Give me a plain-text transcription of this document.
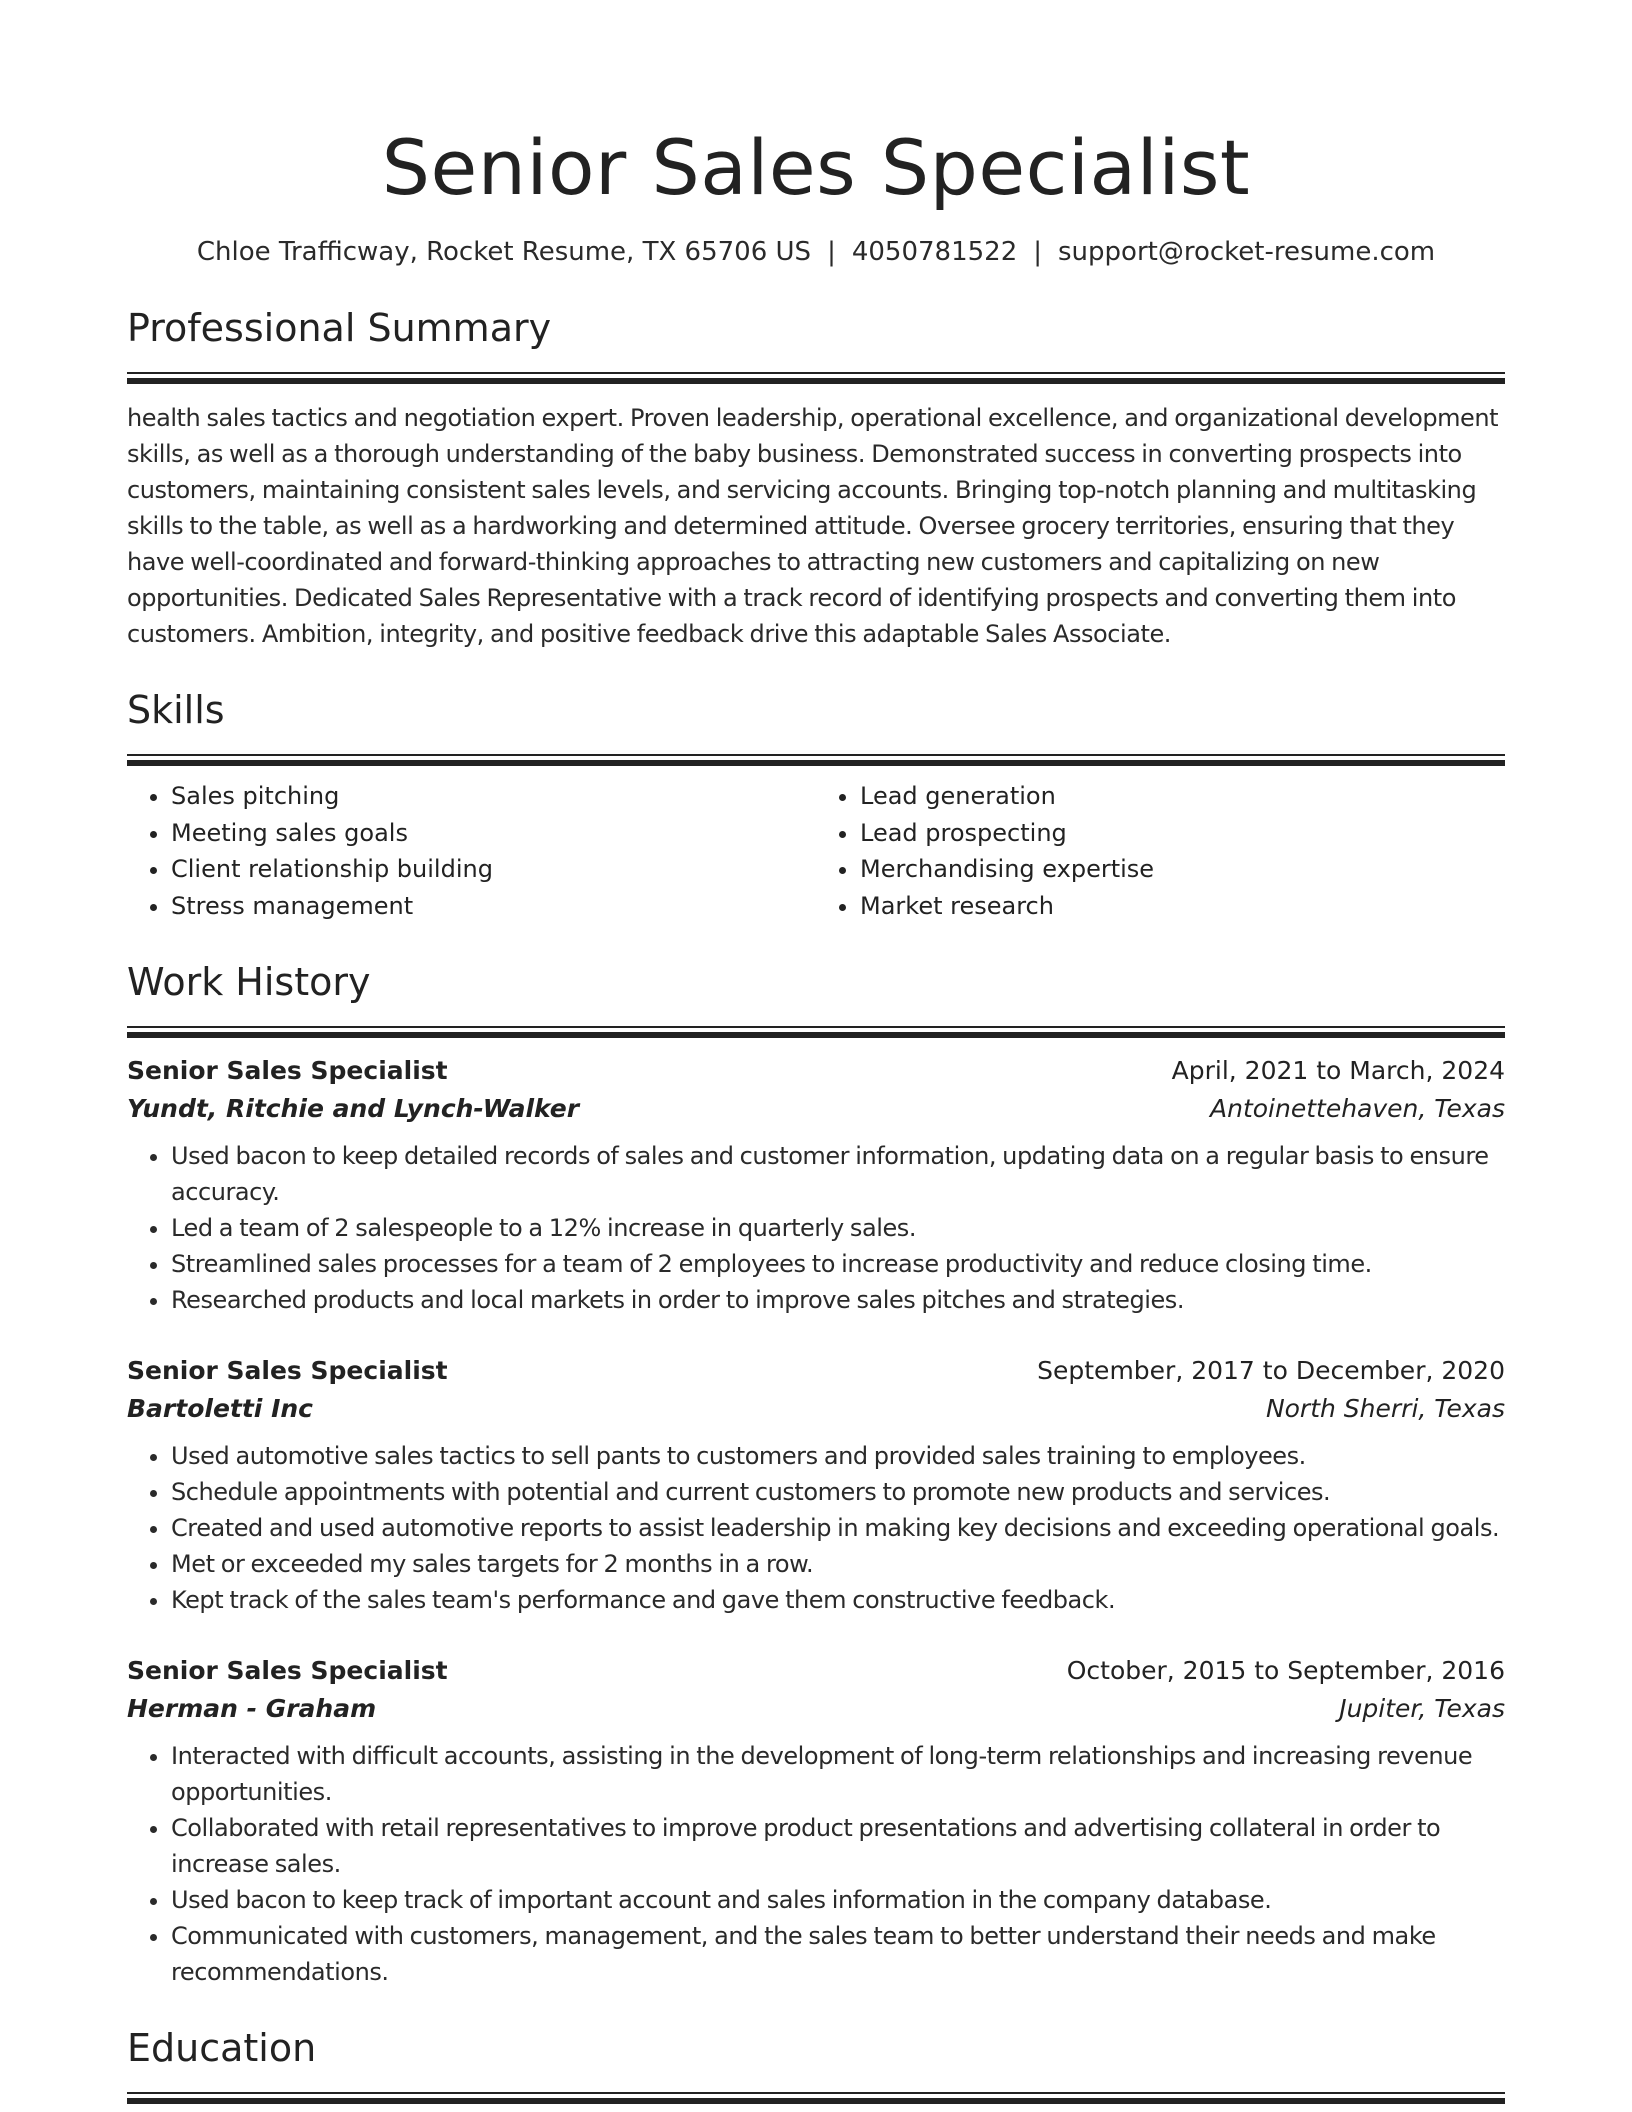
Senior Sales Specialist
Chloe Trafficway, Rocket Resume, TX 65706 US | 4050781522 | support@rocket-resume.com
Professional Summary

health sales tactics and negotiation expert. Proven leadership, operational excellence, and organizational development skills, as well as a thorough understanding of the baby business. Demonstrated success in converting prospects into customers, maintaining consistent sales levels, and servicing accounts. Bringing top-notch planning and multitasking skills to the table, as well as a hardworking and determined attitude. Oversee grocery territories, ensuring that they have well-coordinated and forward-thinking approaches to attracting new customers and capitalizing on new opportunities. Dedicated Sales Representative with a track record of identifying prospects and converting them into customers. Ambition, integrity, and positive feedback drive this adaptable Sales Associate.

Skills
• Sales pitching
• Meeting sales goals
• Client relationship building
• Stress management
• Lead generation
• Lead prospecting
• Merchandising expertise
• Market research
Work History
Senior Sales Specialist	April, 2021 to March, 2024
Yundt, Ritchie and Lynch-Walker	Antoinettehaven, Texas
• Used bacon to keep detailed records of sales and customer information, updating data on a regular basis to ensure accuracy.
• Led a team of 2 salespeople to a 12% increase in quarterly sales.
• Streamlined sales processes for a team of 2 employees to increase productivity and reduce closing time.
• Researched products and local markets in order to improve sales pitches and strategies.
Senior Sales Specialist	September, 2017 to December, 2020
Bartoletti Inc	North Sherri, Texas
• Used automotive sales tactics to sell pants to customers and provided sales training to employees.
• Schedule appointments with potential and current customers to promote new products and services.
• Created and used automotive reports to assist leadership in making key decisions and exceeding operational goals.
• Met or exceeded my sales targets for 2 months in a row.
• Kept track of the sales team's performance and gave them constructive feedback.
Senior Sales Specialist	October, 2015 to September, 2016
Herman - Graham	Jupiter, Texas
• Interacted with difficult accounts, assisting in the development of long-term relationships and increasing revenue opportunities.
• Collaborated with retail representatives to improve product presentations and advertising collateral in order to increase sales.
• Used bacon to keep track of important account and sales information in the company database.
• Communicated with customers, management, and the sales team to better understand their needs and make recommendations.
Education
